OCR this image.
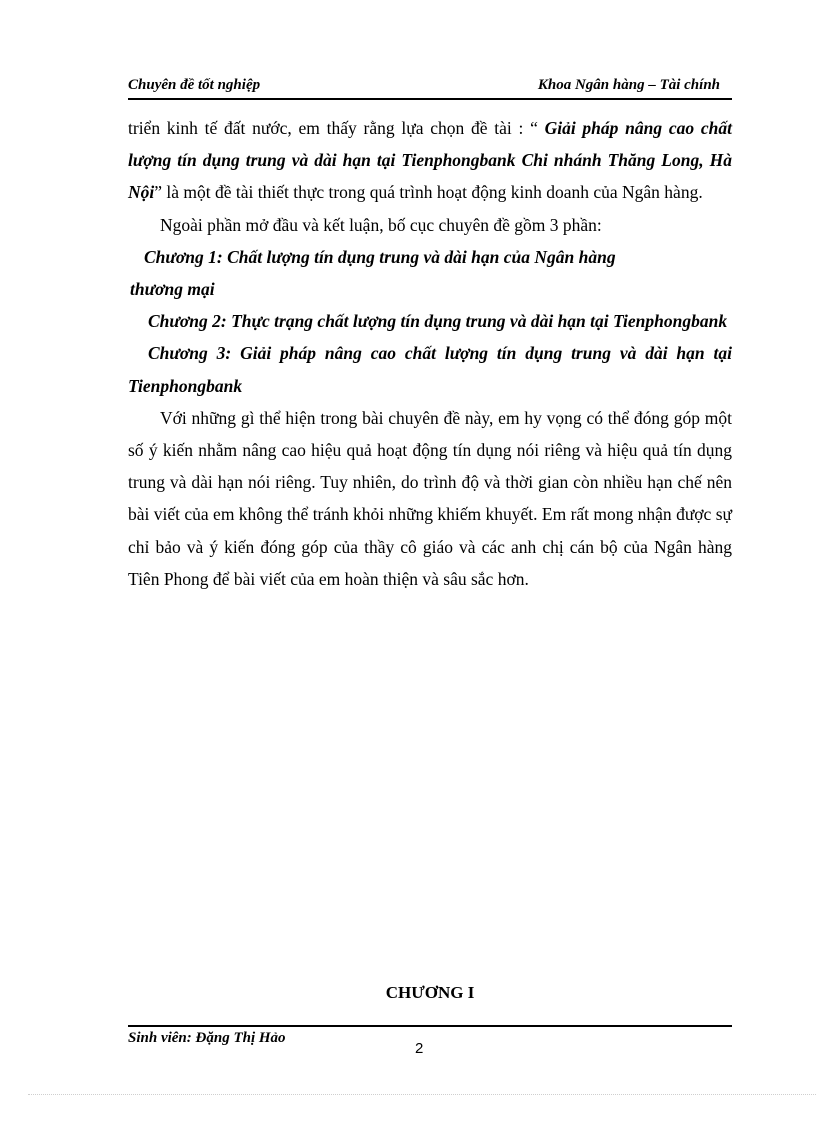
Chuyên đề tốt nghiệp	Khoa Ngân hàng – Tài chính

triển kinh tế đất nước, em thấy rằng lựa chọn đề tài : “ Giải pháp nâng cao chất lượng tín dụng trung và dài hạn tại Tienphongbank Chi nhánh Thăng Long, Hà Nội” là một đề tài thiết thực trong quá trình hoạt động kinh doanh của Ngân hàng.

Ngoài phần mở đầu và kết luận, bố cục chuyên đề gồm 3 phần:

Chương 1: Chất lượng tín dụng trung và dài hạn của Ngân hàng

thương mại

Chương 2: Thực trạng chất lượng tín dụng trung và dài hạn tại Tienphongbank

Chương 3: Giải pháp nâng cao chất lượng tín dụng trung và dài hạn tại Tienphongbank

Với những gì thể hiện trong bài chuyên đề này, em hy vọng có thể đóng góp một số ý kiến nhằm nâng cao hiệu quả hoạt động tín dụng nói riêng và hiệu quả tín dụng trung và dài hạn nói riêng. Tuy nhiên, do trình độ và thời gian còn nhiều hạn chế nên bài viết của em không thể tránh khỏi những khiếm khuyết. Em rất mong nhận được sự chỉ bảo và ý kiến đóng góp của thầy cô giáo và các anh chị cán bộ của Ngân hàng Tiên Phong để bài viết của em hoàn thiện và sâu sắc hơn.

CHƯƠNG I
Sinh viên: Đặng Thị Hảo
2
